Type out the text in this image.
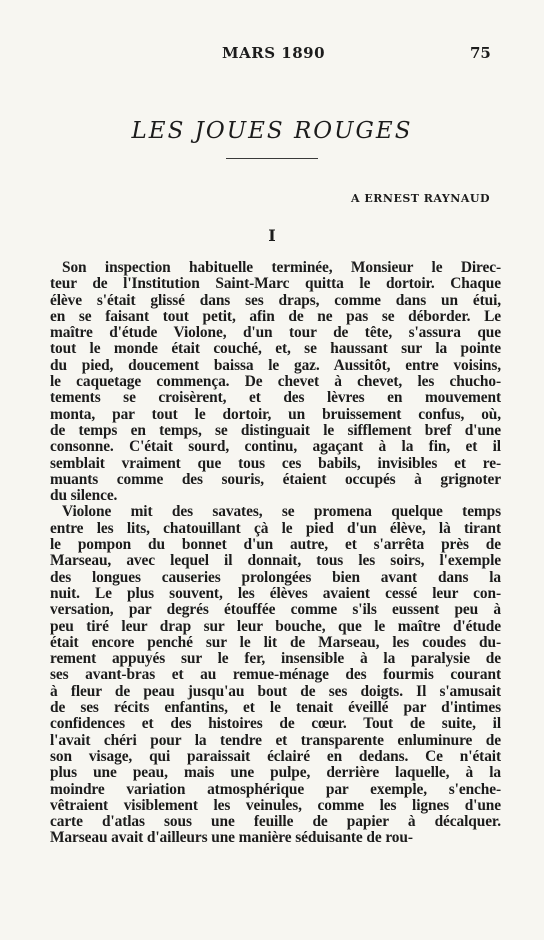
MARS 1890	75
LES JOUES ROUGES
A ERNEST RAYNAUD
I
Son inspection habituelle terminée, Monsieur le Direc-
teur de l'Institution Saint-Marc quitta le dortoir. Chaque
élève s'était glissé dans ses draps, comme dans un étui,
en se faisant tout petit, afin de ne pas se déborder. Le
maître d'étude Violone, d'un tour de tête, s'assura que
tout le monde était couché, et, se haussant sur la pointe
du pied, doucement baissa le gaz. Aussitôt, entre voisins,
le caquetage commença. De chevet à chevet, les chucho-
tements se croisèrent, et des lèvres en mouvement
monta, par tout le dortoir, un bruissement confus, où,
de temps en temps, se distinguait le sifflement bref d'une
consonne. C'était sourd, continu, agaçant à la fin, et il
semblait vraiment que tous ces babils, invisibles et re-
muants comme des souris, étaient occupés à grignoter
du silence.
Violone mit des savates, se promena quelque temps
entre les lits, chatouillant çà le pied d'un élève, là tirant
le pompon du bonnet d'un autre, et s'arrêta près de
Marseau, avec lequel il donnait, tous les soirs, l'exemple
des longues causeries prolongées bien avant dans la
nuit. Le plus souvent, les élèves avaient cessé leur con-
versation, par degrés étouffée comme s'ils eussent peu à
peu tiré leur drap sur leur bouche, que le maître d'étude
était encore penché sur le lit de Marseau, les coudes du-
rement appuyés sur le fer, insensible à la paralysie de
ses avant-bras et au remue-ménage des fourmis courant
à fleur de peau jusqu'au bout de ses doigts. Il s'amusait
de ses récits enfantins, et le tenait éveillé par d'intimes
confidences et des histoires de cœur. Tout de suite, il
l'avait chéri pour la tendre et transparente enluminure de
son visage, qui paraissait éclairé en dedans. Ce n'était
plus une peau, mais une pulpe, derrière laquelle, à la
moindre variation atmosphérique par exemple, s'enche-
vêtraient visiblement les veinules, comme les lignes d'une
carte d'atlas sous une feuille de papier à décalquer.
Marseau avait d'ailleurs une manière séduisante de rou-
